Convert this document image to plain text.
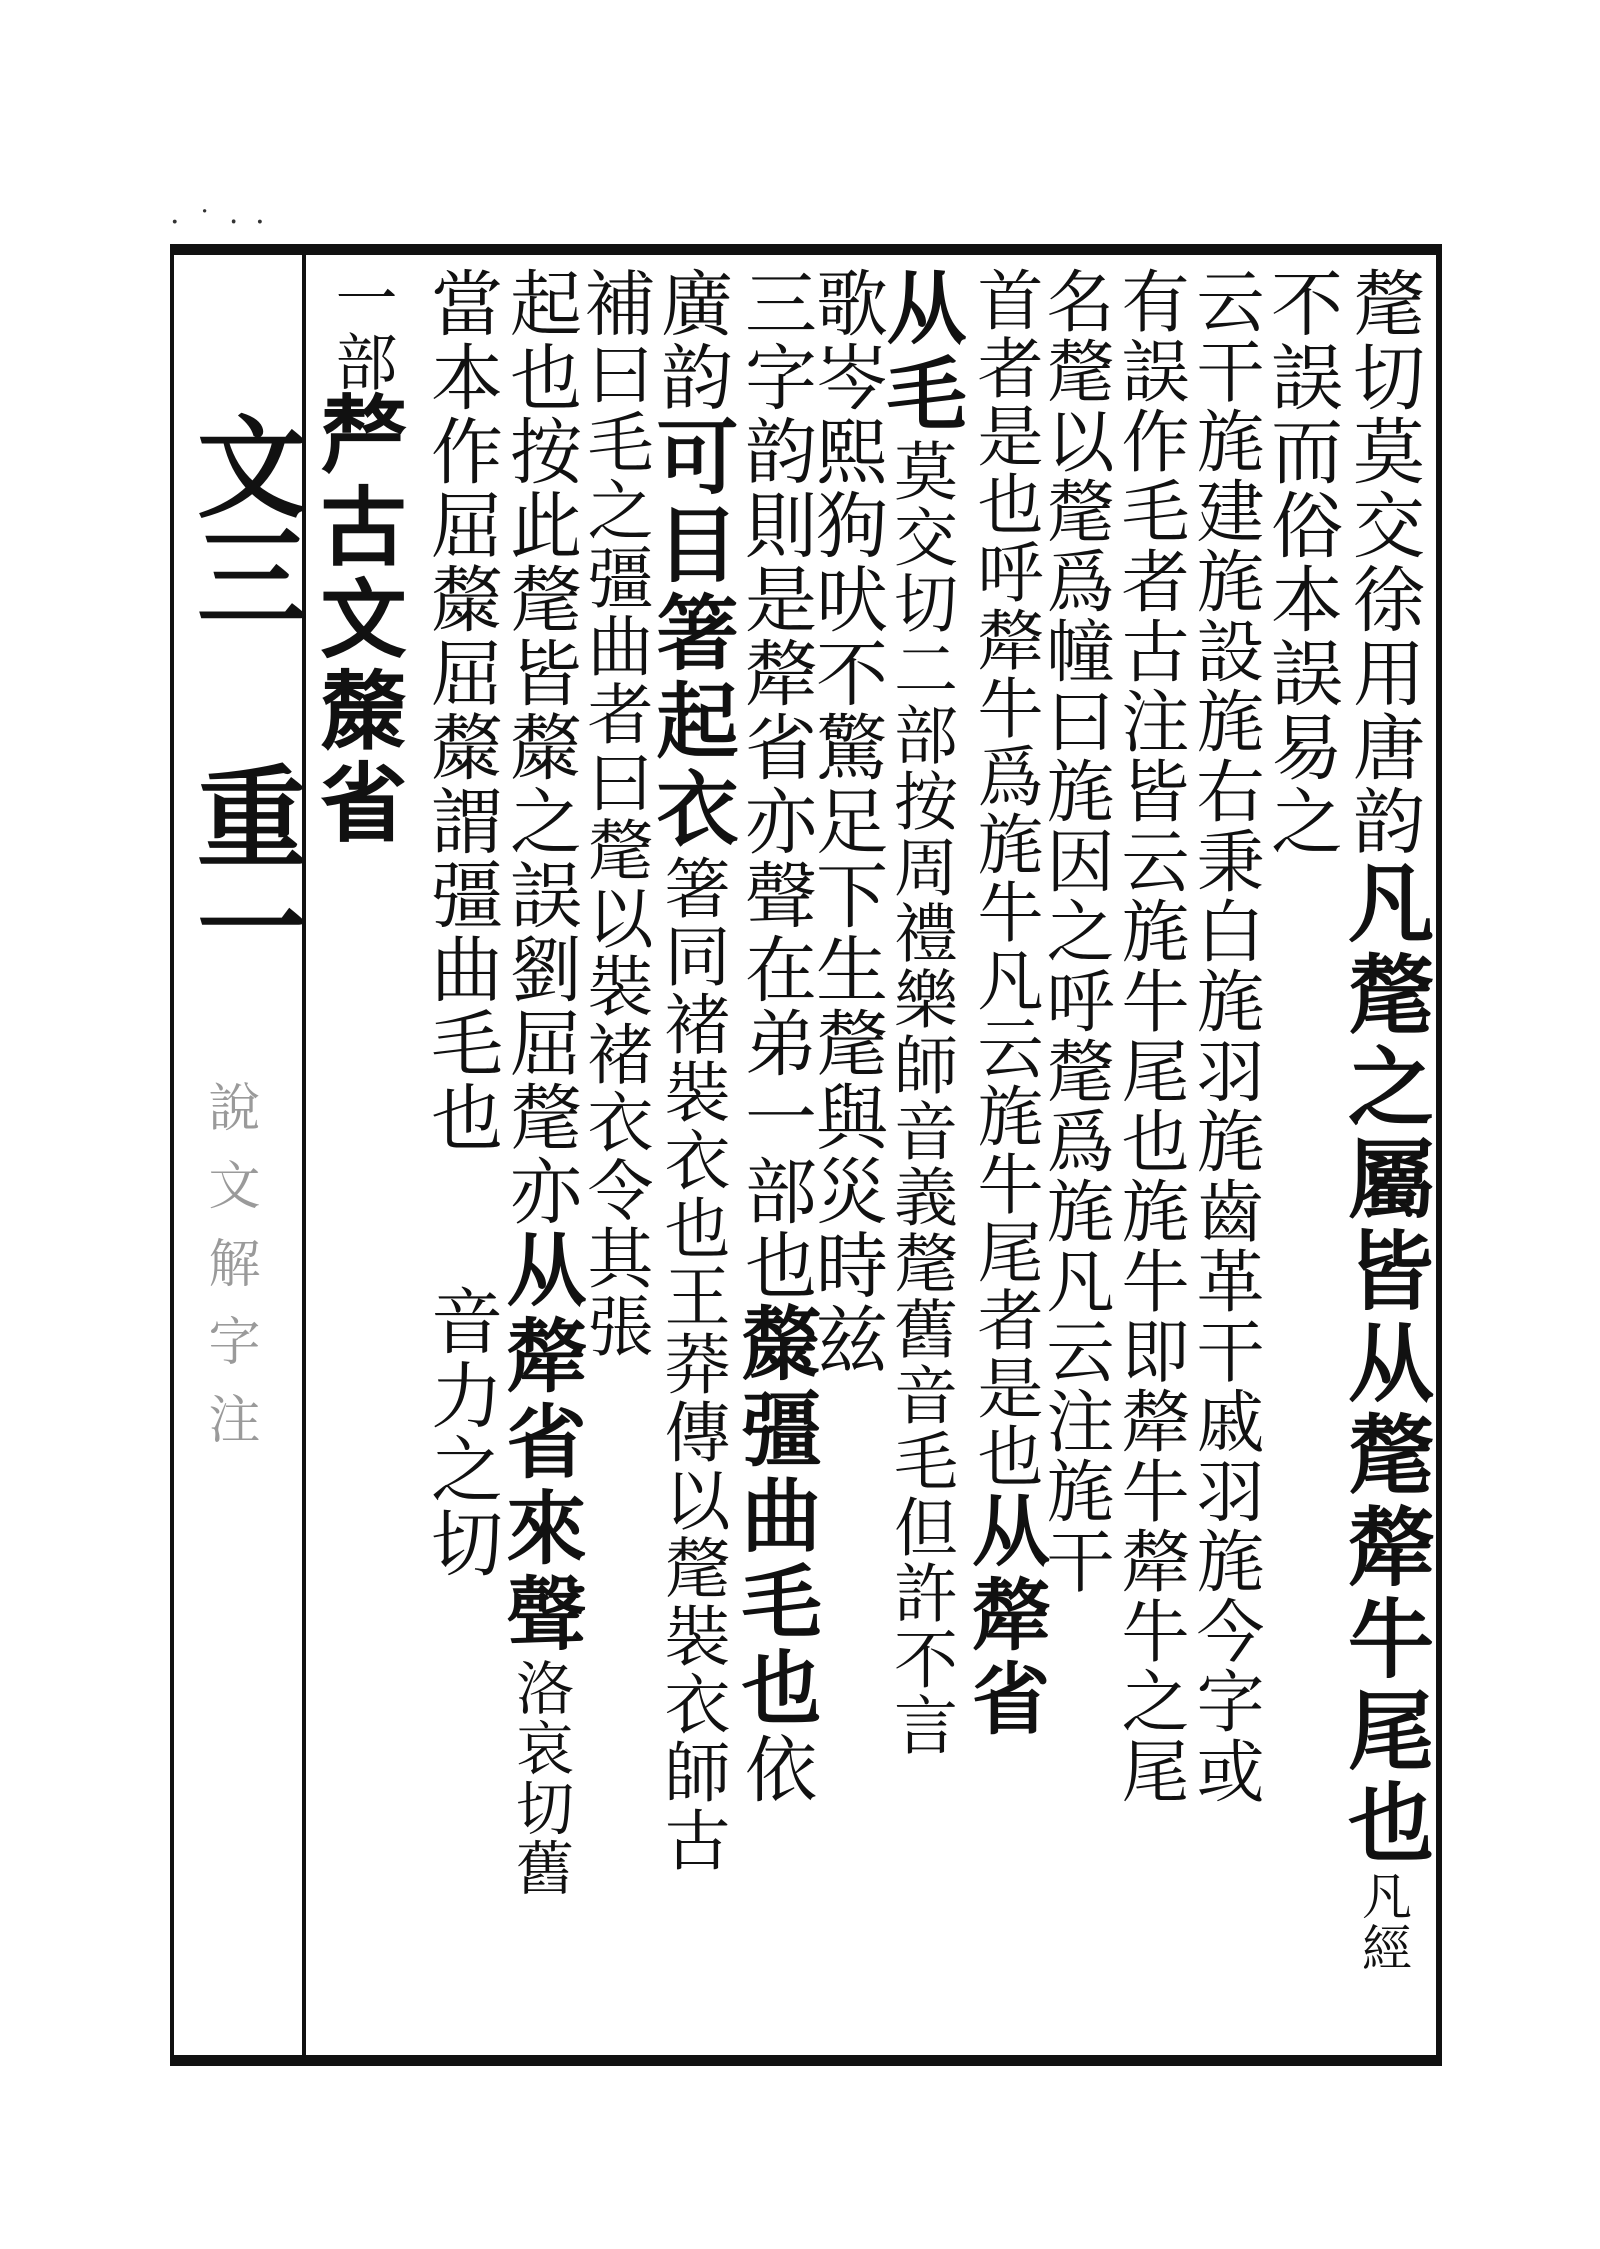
· ˙ ⸱ ·
文三
重一
說文解字注
氂切莫交徐用唐韵凡氂之屬皆从氂犛牛尾也凡經
不誤而俗本誤易之
云干旄建旄設旄右秉白旄羽旄齒革干戚羽旄今字或
有誤作毛者古注皆云旄牛尾也旄牛即犛牛犛牛之尾
名氂以氂爲幢曰旄因之呼氂爲旄凡云注旄干
首者是也呼犛牛爲旄牛凡云旄牛尾者是也从犛省
从毛莫交切二部按周禮樂師音義氂舊音毛但許不言
歌岑熙狗吠不驚足下生氂與災時兹
三字韵則是犛省亦聲在弟一部也斄彊曲毛也依
廣韵可目箸起衣箸同褚裝衣也王莽傳以氂裝衣師古
補曰毛之彊曲者曰氂以裝褚衣令其張
起也按此氂皆斄之誤劉屈氂亦从犛省來聲洛哀切舊
當本作屈斄屈斄謂彊曲毛也音力之切
一部𠩺古文斄省
